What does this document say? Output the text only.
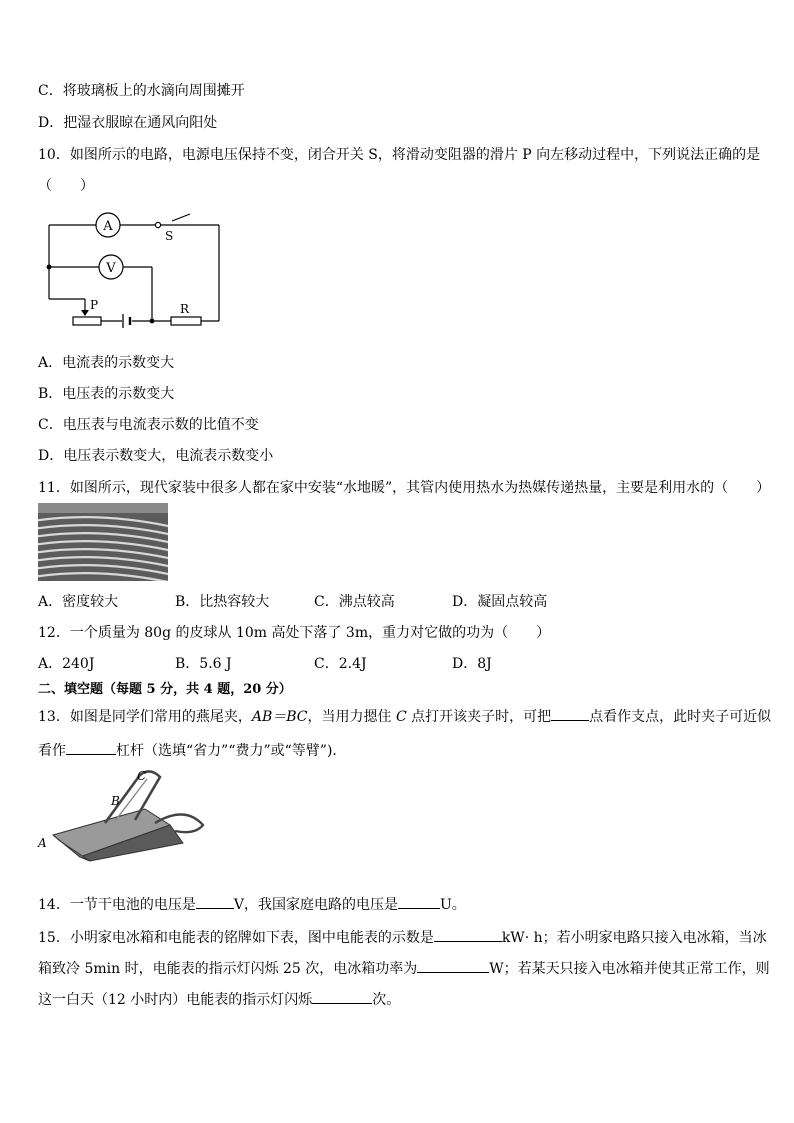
C．将玻璃板上的水滴向周围摊开
D．把湿衣服晾在通风向阳处
10．如图所示的电路，电源电压保持不变，闭合开关 S，将滑动变阻器的滑片 P 向左移动过程中，下列说法正确的是
（　　）
A
V
S
P	R
A．电流表的示数变大
B．电压表的示数变大
C．电压表与电流表示数的比值不变
D．电压表示数变大，电流表示数变小
11．如图所示，现代家装中很多人都在家中安装“水地暖”，其管内使用热水为热媒传递热量，主要是利用水的（　　）
A．密度较大	B．比热容较大	C．沸点较高	D．凝固点较高
12．一个质量为 80g 的皮球从 10m 高处下落了 3m，重力对它做的功为（　　）
A．240J	B．5.6 J	C．2.4J	D．8J
二、填空题（每题 5 分，共 4 题，20 分）
13．如图是同学们常用的燕尾夹，AB＝BC，当用力摁住 C 点打开该夹子时，可把	点看作支点，此时夹子可近似
看作	杠杆（选填“省力”“费力”或“等臂”)．
C
B
A
14．一节干电池的电压是	V，我国家庭电路的电压是	U。
15．小明家电冰箱和电能表的铭牌如下表，图中电能表的示数是	kW· h；若小明家电路只接入电冰箱，当冰
箱致冷 5min 时，电能表的指示灯闪烁 25 次，电冰箱功率为	W；若某天只接入电冰箱并使其正常工作，则
这一白天（12 小时内）电能表的指示灯闪烁	次。
